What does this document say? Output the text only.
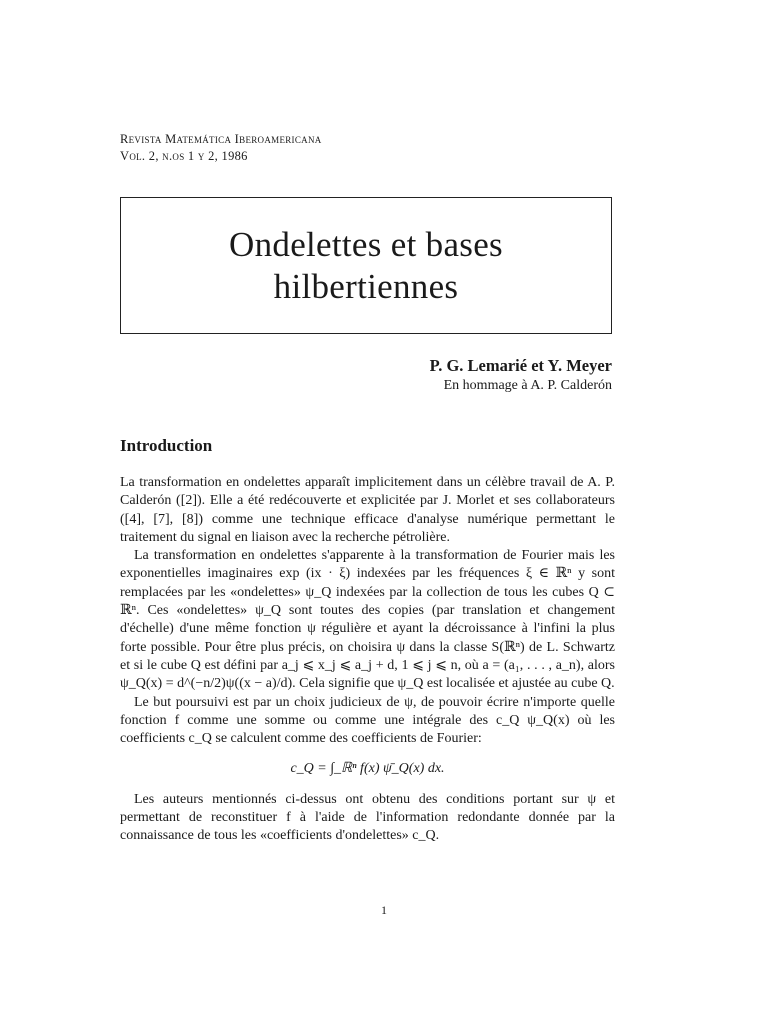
Revista Matemática Iberoamericana
Vol. 2, n.os 1 y 2, 1986
Ondelettes et bases
hilbertiennes
P. G. Lemarié et Y. Meyer
En hommage à A. P. Calderón
Introduction

La transformation en ondelettes apparaît implicitement dans un célèbre travail de A. P. Calderón ([2]). Elle a été redécouverte et explicitée par J. Morlet et ses collaborateurs ([4], [7], [8]) comme une technique efficace d'analyse numérique permettant le traitement du signal en liaison avec la recherche pétrolière.

La transformation en ondelettes s'apparente à la transformation de Fourier mais les exponentielles imaginaires exp (ix · ξ) indexées par les fréquences ξ ∈ ℝⁿ y sont remplacées par les «ondelettes» ψ_Q indexées par la collection de tous les cubes Q ⊂ ℝⁿ. Ces «ondelettes» ψ_Q sont toutes des copies (par translation et changement d'échelle) d'une même fonction ψ régulière et ayant la décroissance à l'infini la plus forte possible. Pour être plus précis, on choisira ψ dans la classe S(ℝⁿ) de L. Schwartz et si le cube Q est défini par a_j ⩽ x_j ⩽ a_j + d, 1 ⩽ j ⩽ n, où a = (a₁, . . . , a_n), alors ψ_Q(x) = d^(−n/2)ψ((x − a)/d). Cela signifie que ψ_Q est localisée et ajustée au cube Q.

Le but poursuivi est par un choix judicieux de ψ, de pouvoir écrire n'importe quelle fonction f comme une somme ou comme une intégrale des c_Q ψ_Q(x) où les coefficients c_Q se calculent comme des coefficients de Fourier:

c_Q = ∫_ℝⁿ f(x) ψ̄_Q(x) dx.

Les auteurs mentionnés ci-dessus ont obtenu des conditions portant sur ψ et permettant de reconstituer f à l'aide de l'information redondante donnée par la connaissance de tous les «coefficients d'ondelettes» c_Q.

1
